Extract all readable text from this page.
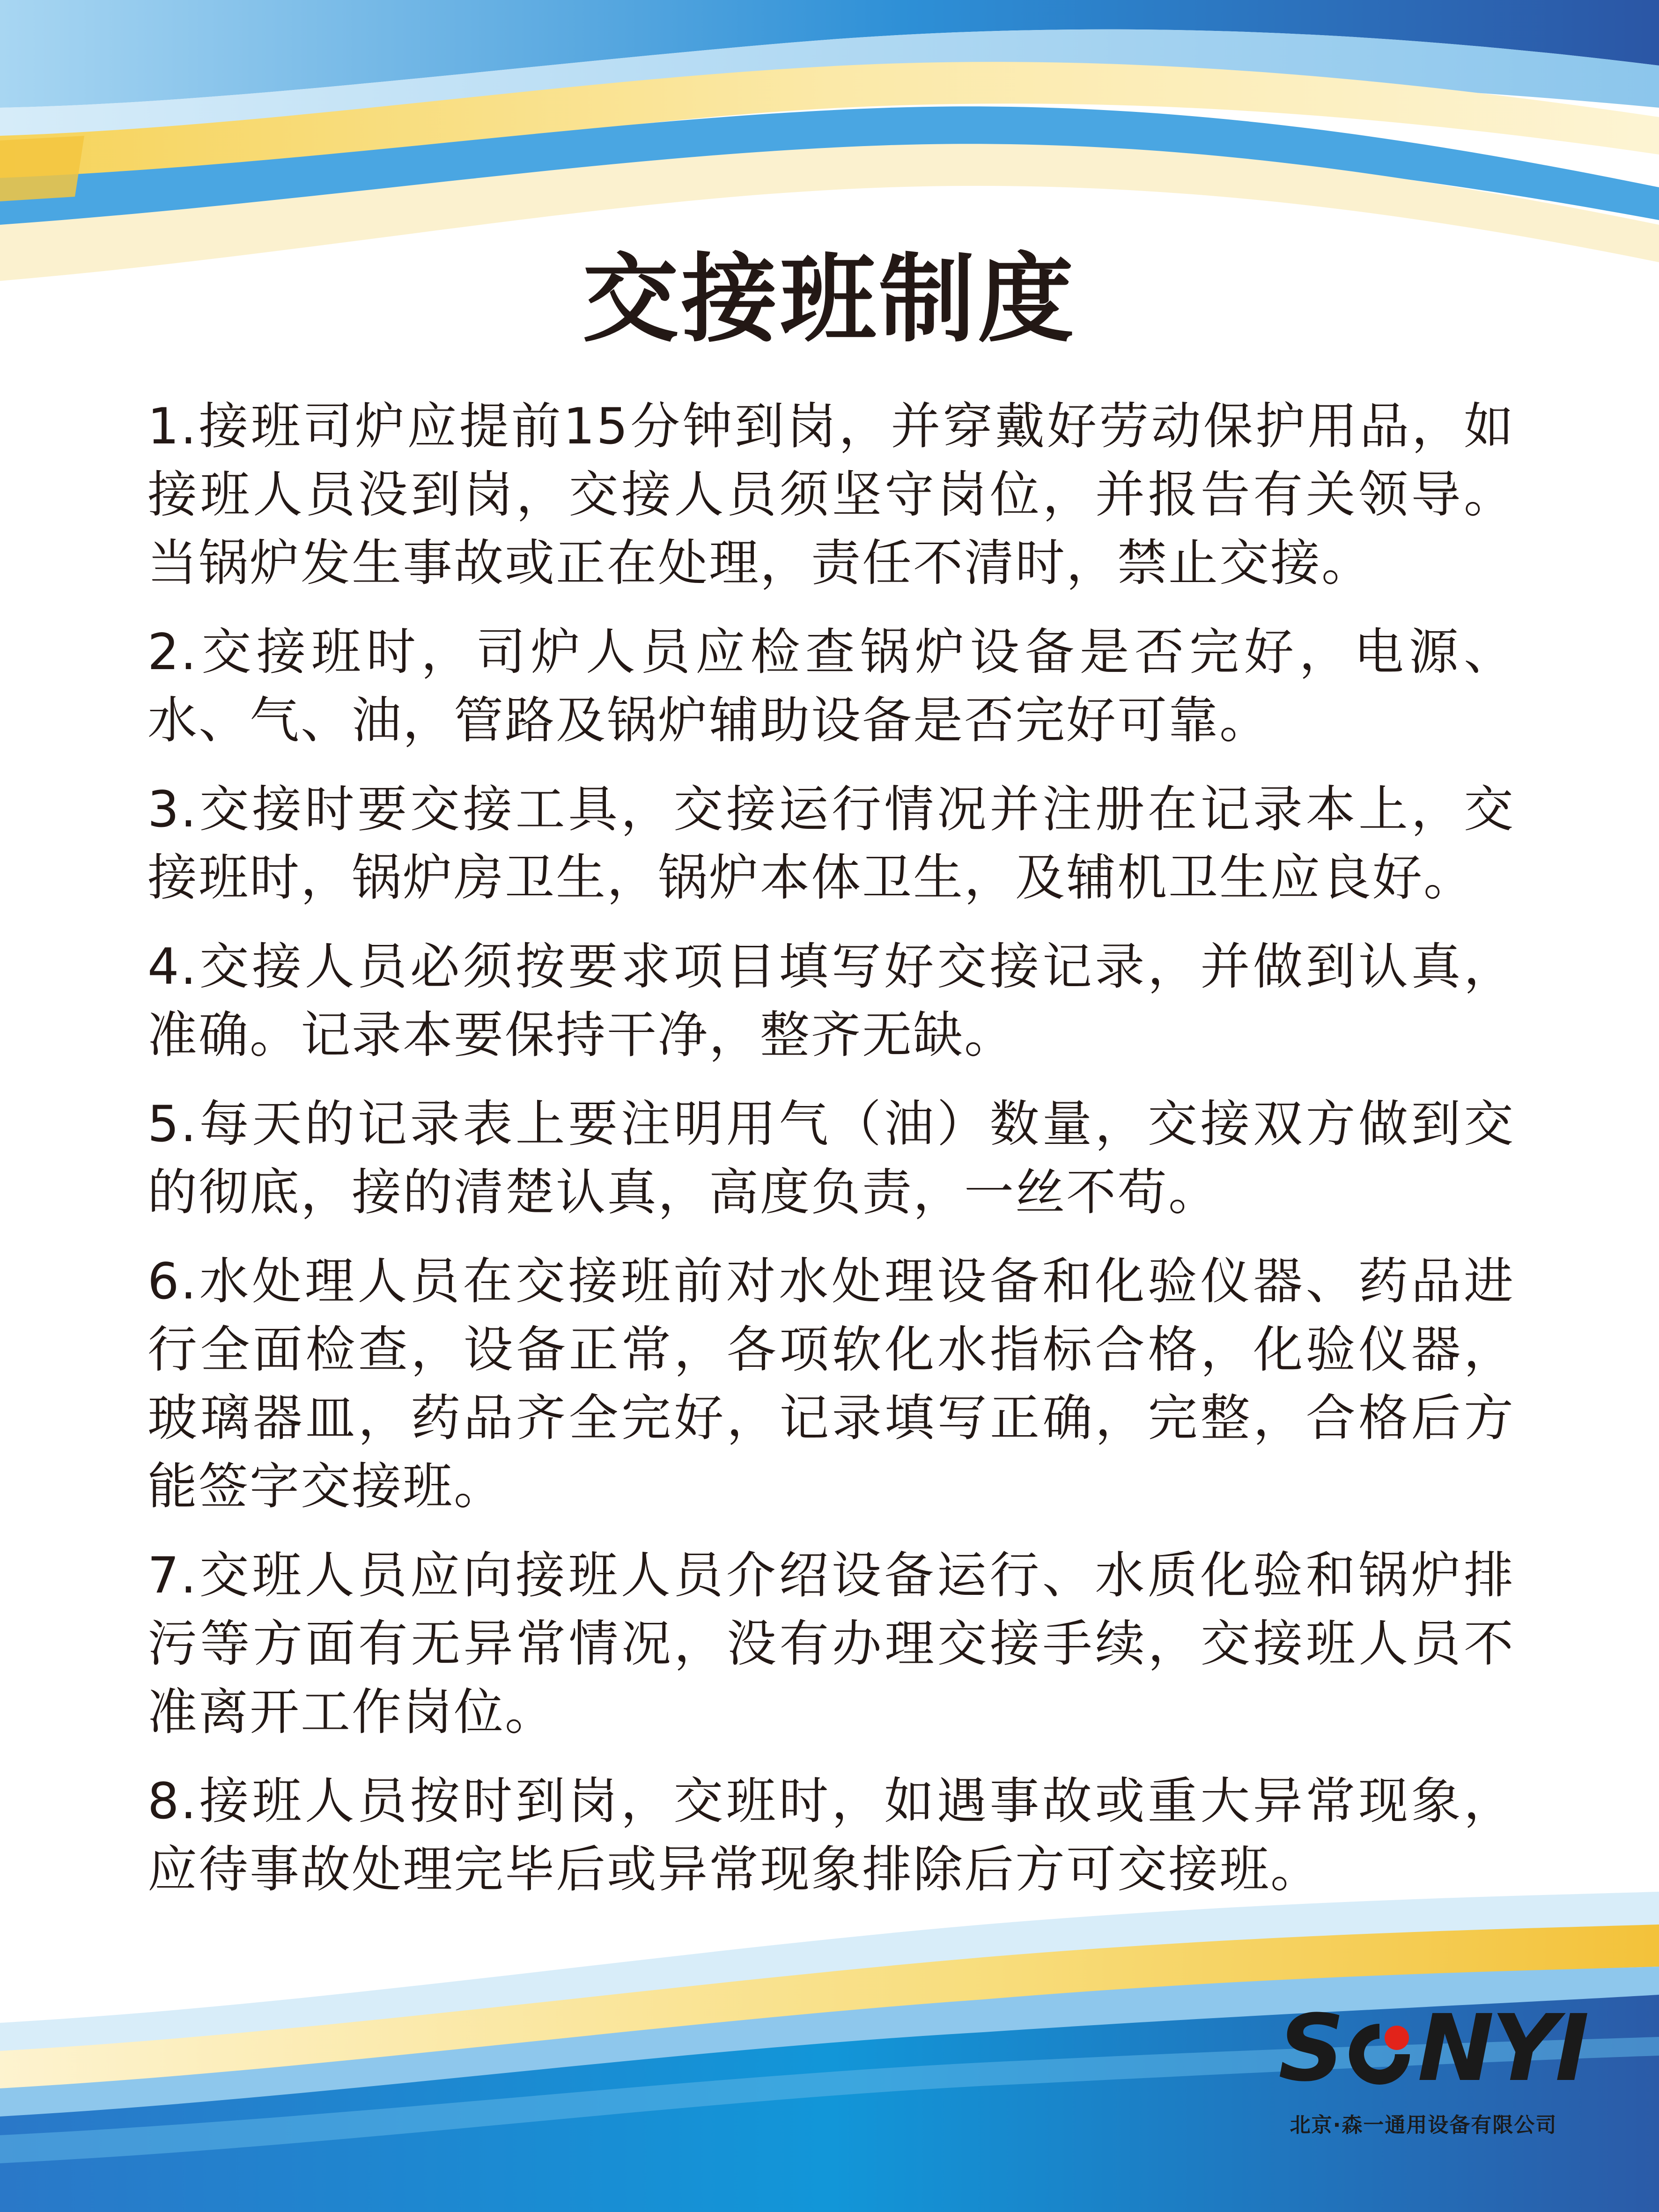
交接班制度
1.接班司炉应提前15分钟到岗，并穿戴好劳动保护用品，如接班人员没到岗，交接人员须坚守岗位，并报告有关领导。当锅炉发生事故或正在处理，责任不清时，禁止交接。
2.交接班时，司炉人员应检查锅炉设备是否完好，电源、水、气、油，管路及锅炉辅助设备是否完好可靠。
3.交接时要交接工具，交接运行情况并注册在记录本上，交接班时，锅炉房卫生，锅炉本体卫生，及辅机卫生应良好。
4.交接人员必须按要求项目填写好交接记录，并做到认真，准确。记录本要保持干净，整齐无缺。
5.每天的记录表上要注明用气（油）数量，交接双方做到交的彻底，接的清楚认真，高度负责，一丝不苟。
6.水处理人员在交接班前对水处理设备和化验仪器、药品进行全面检查，设备正常，各项软化水指标合格，化验仪器，玻璃器皿，药品齐全完好，记录填写正确，完整，合格后方能签字交接班。
7.交班人员应向接班人员介绍设备运行、水质化验和锅炉排污等方面有无异常情况，没有办理交接手续，交接班人员不准离开工作岗位。
8.接班人员按时到岗，交班时，如遇事故或重大异常现象，应待事故处理完毕后或异常现象排除后方可交接班。
S NYI
北京·森一通用设备有限公司
